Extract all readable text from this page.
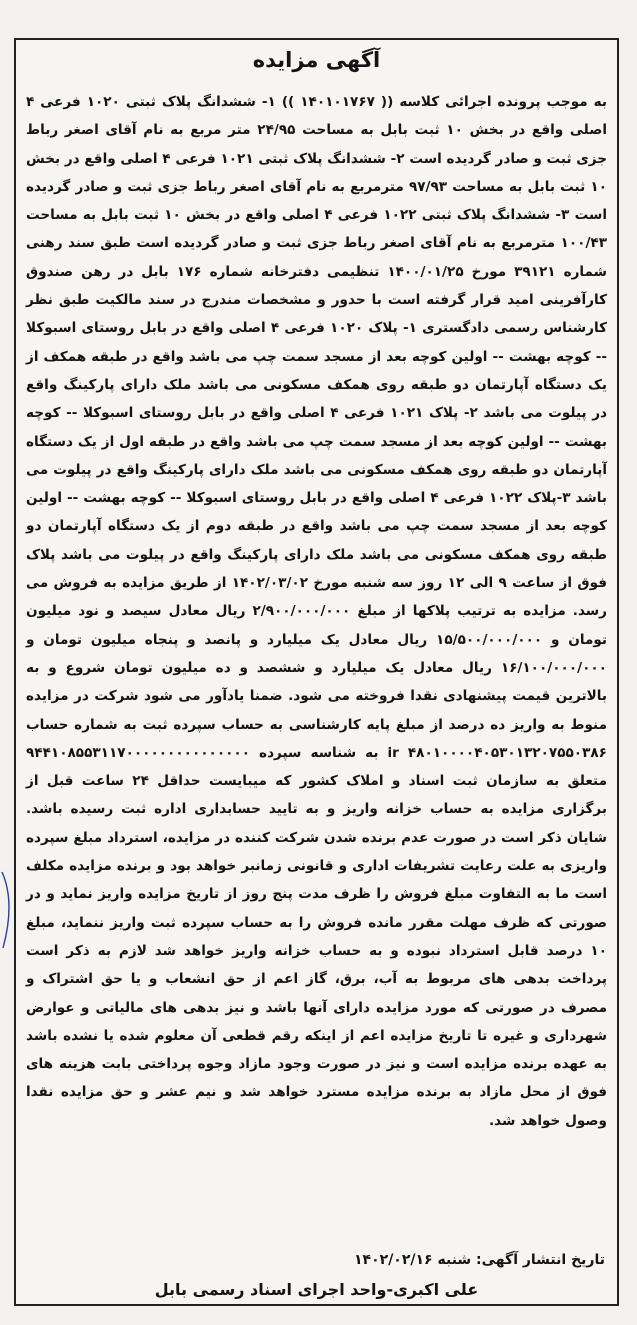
آگهی مزایده

به موجب پرونده اجرائی کلاسه (( ۱۴۰۱۰۱۷۶۷ )) ۱- ششدانگ پلاک ثبتی ۱۰۲۰ فرعی ۴ اصلی واقع در بخش ۱۰ ثبت بابل به مساحت ۲۴/۹۵ متر مربع به نام آقای اصغر رباط جزی ثبت و صادر گردیده است ۲- ششدانگ پلاک ثبتی ۱۰۲۱ فرعی ۴ اصلی واقع در بخش ۱۰ ثبت بابل به مساحت ۹۷/۹۳ مترمربع به نام آقای اصغر رباط جزی ثبت و صادر گردیده است ۳- ششدانگ پلاک ثبتی ۱۰۲۲ فرعی ۴ اصلی واقع در بخش ۱۰ ثبت بابل به مساحت ۱۰۰/۴۳ مترمربع به نام آقای اصغر رباط جزی ثبت و صادر گردیده است طبق سند رهنی شماره ۳۹۱۲۱ مورخ ۱۴۰۰/۰۱/۲۵ تنظیمی دفترخانه شماره ۱۷۶ بابل در رهن صندوق کارآفرینی امید قرار گرفته است با حدور و مشخصات مندرج در سند مالکیت طبق نظر کارشناس رسمی دادگستری ۱- پلاک ۱۰۲۰ فرعی ۴ اصلی واقع در بابل روستای اسبوکلا -- کوچه بهشت -- اولین کوچه بعد از مسجد سمت چپ می باشد واقع در طبقه همکف از یک دستگاه آپارتمان دو طبقه روی همکف مسکونی می باشد ملک دارای پارکینگ واقع در پیلوت می باشد ۲- پلاک ۱۰۲۱ فرعی ۴ اصلی واقع در بابل روستای اسبوکلا -- کوچه بهشت -- اولین کوچه بعد از مسجد سمت چپ می باشد واقع در طبقه اول از یک دستگاه آپارتمان دو طبقه روی همکف مسکونی می باشد ملک دارای پارکینگ واقع در پیلوت می باشد ۳-پلاک ۱۰۲۲ فرعی ۴ اصلی واقع در بابل روستای اسبوکلا -- کوچه بهشت -- اولین کوچه بعد از مسجد سمت چپ می باشد واقع در طبقه دوم از یک دستگاه آپارتمان دو طبقه روی همکف مسکونی می باشد ملک دارای پارکینگ واقع در پیلوت می باشد پلاک فوق از ساعت ۹ الی ۱۲ روز سه شنبه مورخ ۱۴۰۲/۰۳/۰۲ از طریق مزایده به فروش می رسد. مزایده به ترتیب پلاکها از مبلغ ۲/۹۰۰/۰۰۰/۰۰۰ ریال معادل سیصد و نود میلیون تومان و ۱۵/۵۰۰/۰۰۰/۰۰۰ ریال معادل یک میلیارد و پانصد و پنجاه میلیون تومان و ۱۶/۱۰۰/۰۰۰/۰۰۰ ریال معادل یک میلیارد و ششصد و ده میلیون تومان شروع و به بالاترین قیمت پیشنهادی نقدا فروخته می شود. ضمنا یادآور می شود شرکت در مزایده منوط به واریز ده درصد از مبلغ پایه کارشناسی به حساب سپرده ثبت به شماره حساب ir ۴۸۰۱۰۰۰۰۴۰۵۳۰۱۳۲۰۷۵۵۰۳۸۶ به شناسه سپرده ۹۴۴۱۰۸۵۵۳۱۱۷۰۰۰۰۰۰۰۰۰۰۰۰۰۰۰ متعلق به سازمان ثبت اسناد و املاک کشور که میبایست حداقل ۲۴ ساعت قبل از برگزاری مزایده به حساب خزانه واریز و به تایید حسابداری اداره ثبت رسیده باشد. شایان ذکر است در صورت عدم برنده شدن شرکت کننده در مزایده، استرداد مبلغ سپرده واریزی به علت رعایت تشریفات اداری و قانونی زمانبر خواهد بود و برنده مزایده مکلف است ما به التفاوت مبلغ فروش را ظرف مدت پنج روز از تاریخ مزایده واریز نماید و در صورتی که ظرف مهلت مقرر مانده فروش را به حساب سپرده ثبت واریز ننماید، مبلغ ۱۰ درصد قابل استرداد نبوده و به حساب خزانه واریز خواهد شد لازم به ذکر است پرداخت بدهی های مربوط به آب، برق، گاز اعم از حق انشعاب و یا حق اشتراک و مصرف در صورتی که مورد مزایده دارای آنها باشد و نیز بدهی های مالیاتی و عوارض شهرداری و غیره تا تاریخ مزایده اعم از اینکه رقم قطعی آن معلوم شده یا نشده باشد به عهده برنده مزایده است و نیز در صورت وجود مازاد وجوه پرداختی بابت هزینه های فوق از محل مازاد به برنده مزایده مسترد خواهد شد و نیم عشر و حق مزایده نقدا وصول خواهد شد.

تاریخ انتشار آگهی: شنبه ۱۴۰۲/۰۲/۱۶
علی اکبری-واحد اجرای اسناد رسمی بابل
